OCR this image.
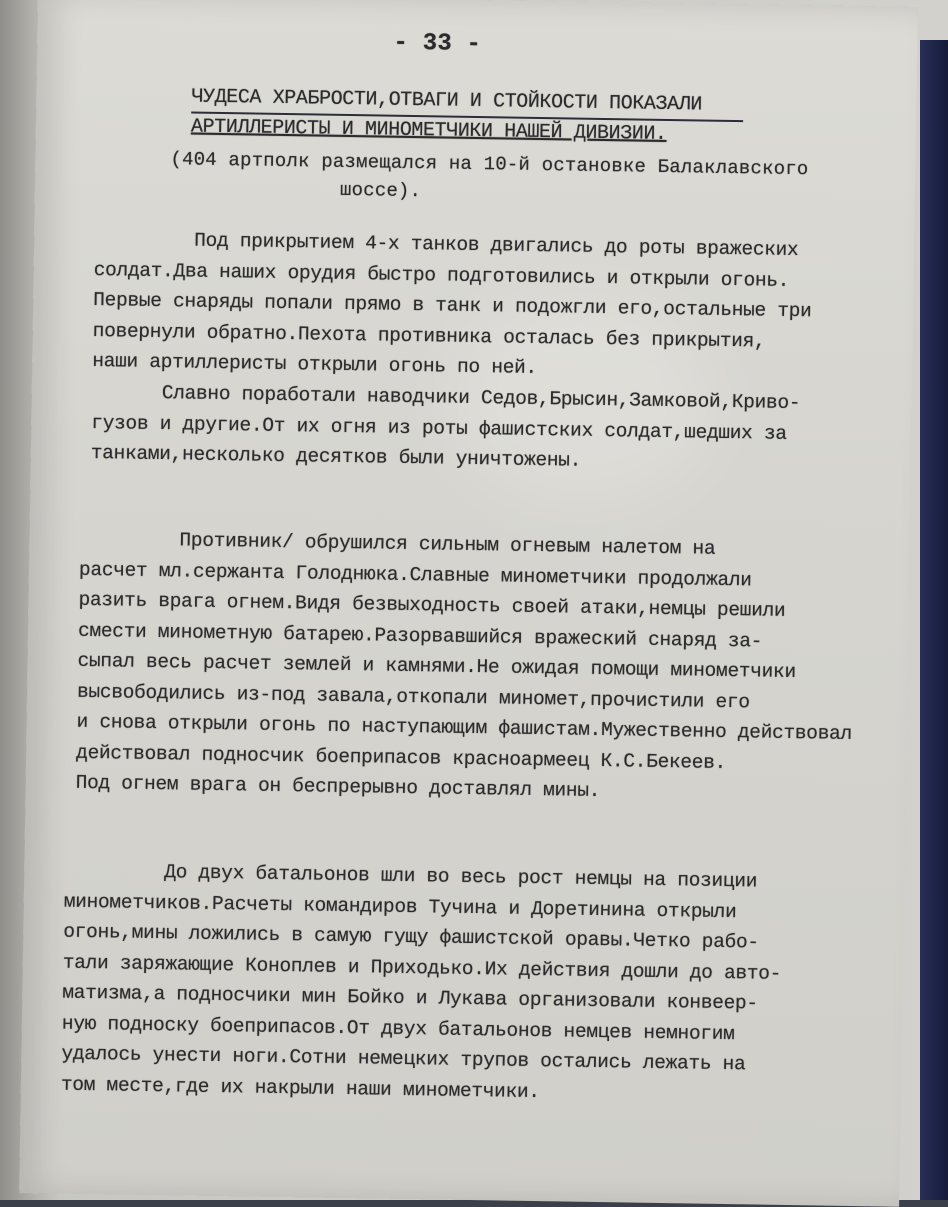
- 33 -
ЧУДЕСА ХРАБРОСТИ,ОТВАГИ И СТОЙКОСТИ ПОКАЗАЛИ
АРТИЛЛЕРИСТЫ И МИНОМЕТЧИКИ НАШЕЙ ДИВИЗИИ.
(404 артполк размещался на 10-й остановке Балаклавского
шоссе).
Под прикрытием 4-х танков двигались до роты вражеских
солдат.Два наших орудия быстро подготовились и открыли огонь.
Первые снаряды попали прямо в танк и подожгли его,остальные три
повернули обратно.Пехота противника осталась без прикрытия,
наши артиллеристы открыли огонь по ней.
Славно поработали наводчики Седов,Брысин,Замковой,Криво-
гузов и другие.От их огня из роты фашистских солдат,шедших за
танками,несколько десятков были уничтожены.
Противник/ обрушился сильным огневым налетом на
расчет мл.сержанта Голоднюка.Славные минометчики продолжали
разить врага огнем.Видя безвыходность своей атаки,немцы решили
смести минометную батарею.Разорвавшийся вражеский снаряд за-
сыпал весь расчет землей и камнями.Не ожидая помощи минометчики
высвободились из-под завала,откопали миномет,прочистили его
и снова открыли огонь по наступающим фашистам.Мужественно действовал
действовал подносчик боеприпасов красноармеец К.С.Бекеев.
Под огнем врага он беспрерывно доставлял мины.
До двух батальонов шли во весь рост немцы на позиции
минометчиков.Расчеты командиров Тучина и Доретинина открыли
огонь,мины ложились в самую гущу фашистской оравы.Четко рабо-
тали заряжающие Коноплев и Приходько.Их действия дошли до авто-
матизма,а подносчики мин Бойко и Лукава организовали конвеер-
ную подноску боеприпасов.От двух батальонов немцев немногим
удалось унести ноги.Сотни немецких трупов остались лежать на
том месте,где их накрыли наши минометчики.
